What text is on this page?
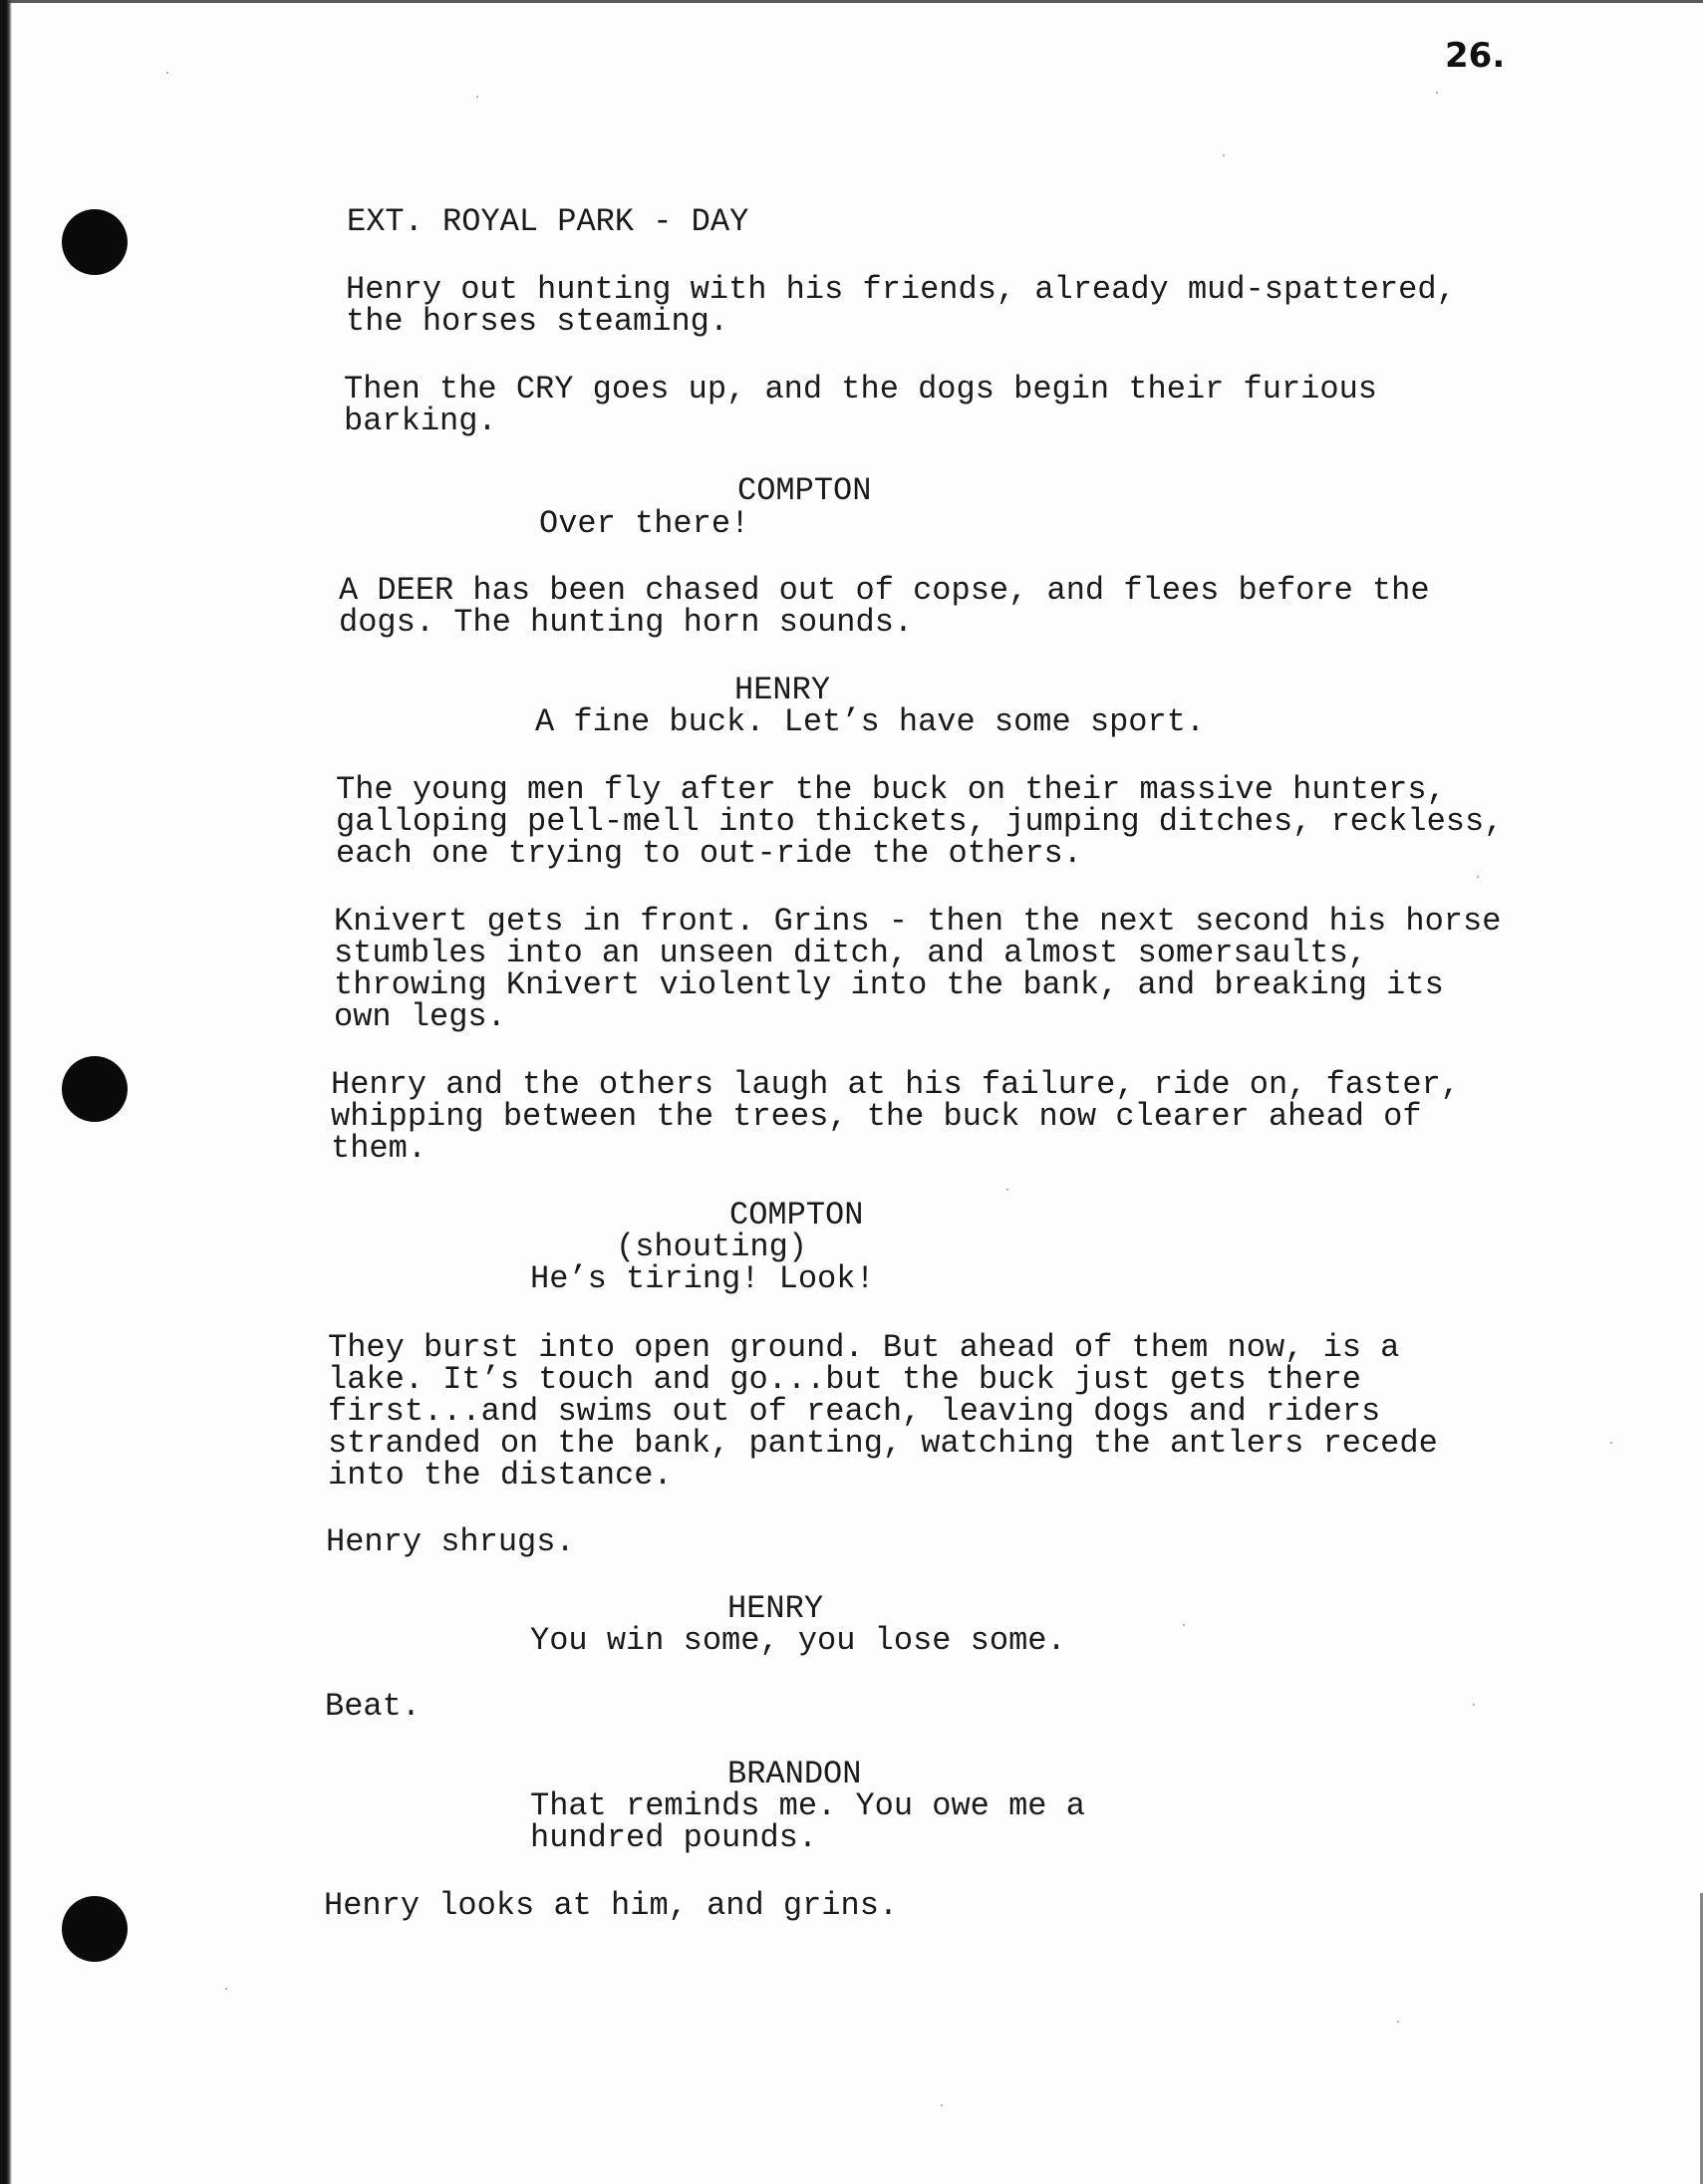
26.
EXT. ROYAL PARK - DAY
Henry out hunting with his friends, already mud-spattered,
the horses steaming.
Then the CRY goes up, and the dogs begin their furious
barking.
COMPTON
Over there!
A DEER has been chased out of copse, and flees before the
dogs. The hunting horn sounds.
HENRY
A fine buck. Let’s have some sport.
The young men fly after the buck on their massive hunters,
galloping pell-mell into thickets, jumping ditches, reckless,
each one trying to out-ride the others.
Knivert gets in front. Grins - then the next second his horse
stumbles into an unseen ditch, and almost somersaults,
throwing Knivert violently into the bank, and breaking its
own legs.
Henry and the others laugh at his failure, ride on, faster,
whipping between the trees, the buck now clearer ahead of
them.
COMPTON
(shouting)
He’s tiring! Look!
They burst into open ground. But ahead of them now, is a
lake. It’s touch and go...but the buck just gets there
first...and swims out of reach, leaving dogs and riders
stranded on the bank, panting, watching the antlers recede
into the distance.
Henry shrugs.
HENRY
You win some, you lose some.
Beat.
BRANDON
That reminds me. You owe me a
hundred pounds.
Henry looks at him, and grins.
